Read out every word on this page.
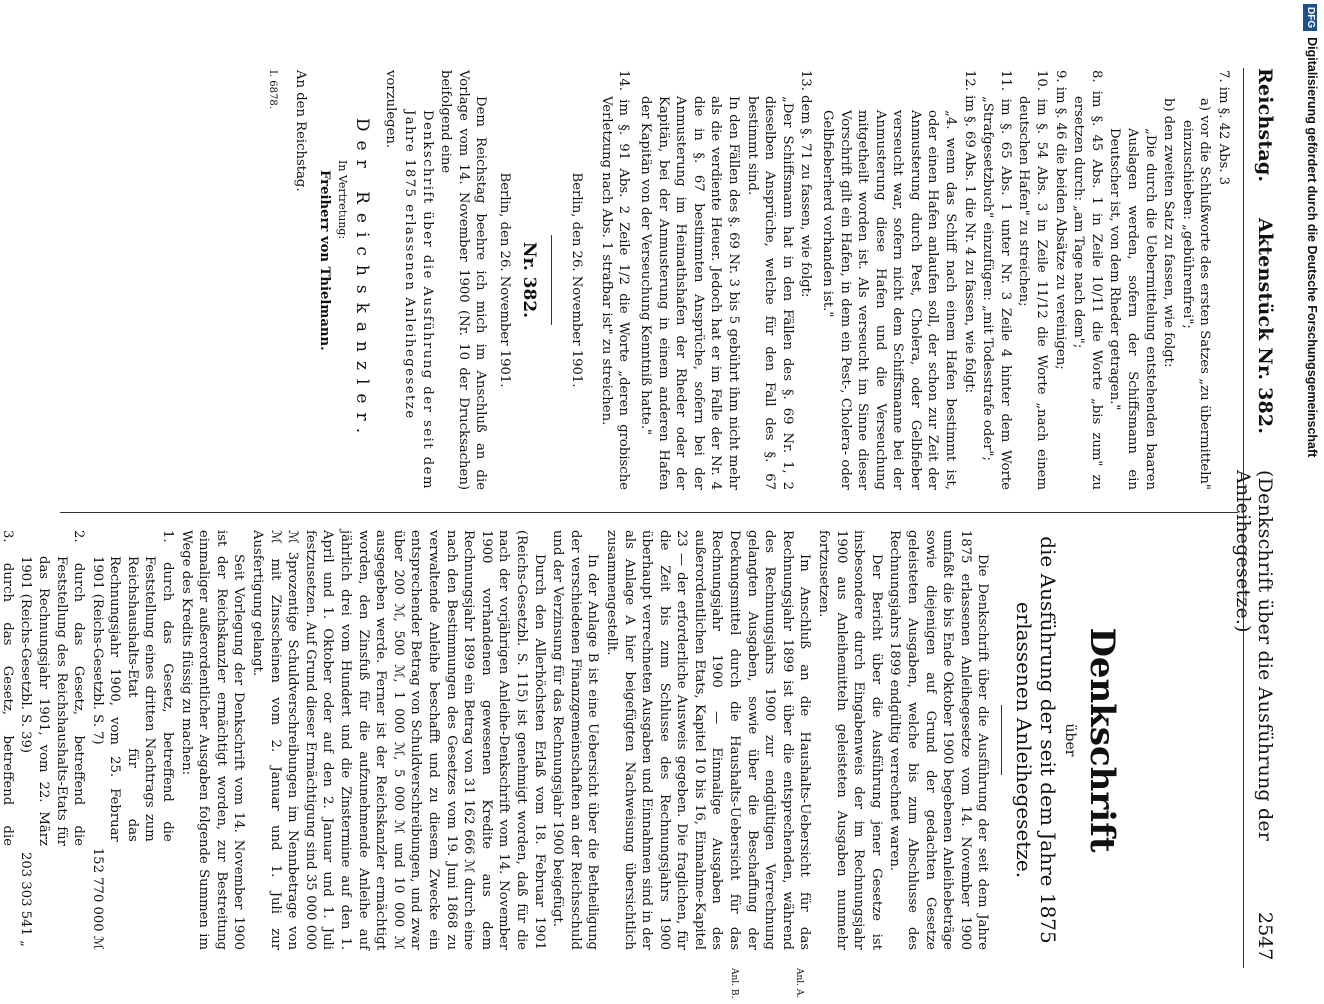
Reichstag.
Aktenstück Nr. 382.
(Denkschrift über die Ausführung der Anleihegesetze.)
2547

7. im §. 42 Abs. 3

a) vor die Schlußworte des ersten Satzes „zu übermitteln" einzuschieben: „gebührenfrei";

b) den zweiten Satz zu fassen, wie folgt:

„Die durch die Uebermittelung entstehenden baaren Auslagen werden, sofern der Schiffsmann ein Deutscher ist, von dem Rheder getragen."

8. im §. 45 Abs. 1 in Zeile 10/11 die Worte „bis zum" zu ersetzen durch: „am Tage nach dem";

9. im §. 46 die beiden Absätze zu vereinigen;

10. im §. 54 Abs. 3 in Zeile 11/12 die Worte „nach einem deutschen Hafen" zu streichen;

11. im §. 65 Abs. 1 unter Nr. 3 Zeile 4 hinter dem Worte „Strafgesetzbuch" einzufügen: „mit Todesstrafe oder";

12. im §. 69 Abs. 1 die Nr. 4 zu fassen, wie folgt:

„4. wenn das Schiff nach einem Hafen bestimmt ist, oder einen Hafen anlaufen soll, der schon zur Zeit der Anmusterung durch Pest, Cholera, oder Gelbfieber verseucht war, sofern nicht dem Schiffsmanne bei der Anmusterung diese Hafen und die Verseuchung mitgetheilt worden ist. Als verseucht im Sinne dieser Vorschrift gilt ein Hafen, in dem ein Pest-, Cholera- oder Gelbfieberherd vorhanden ist."

13. dem §. 71 zu fassen, wie folgt:

„Der Schiffsmann hat in den Fällen des §. 69 Nr. 1, 2 dieselben Ansprüche, welche für den Fall des §. 67 bestimmt sind.

In den Fällen des §. 69 Nr. 3 bis 5 gebührt ihm nicht mehr als die verdiente Heuer. Jedoch hat er im Falle der Nr. 4 die in §. 67 bestimmten Ansprüche, sofern bei der Anmusterung im Heimathshafen der Rheder oder der Kapitän, bei der Anmusterung in einem anderen Hafen der Kapitän von der Verseuchung Kenntniß hatte."

14. im §. 91 Abs. 2 Zeile 1/2 die Worte „deren grobische Verletzung nach Abs. 1 strafbar ist" zu streichen.

Berlin, den 26. November 1901.

Nr. 382.

Berlin, den 26. November 1901.

Dem Reichstag beehre ich mich im Anschluß an die Vorlage vom 14. November 1900 (Nr. 10 der Drucksachen) beifolgend eine

Denkschrift über die Ausführung der seit dem Jahre 1875 erlassenen Anleihegesetze

vorzulegen.

Der Reichskanzler.

In Vertretung:

Freiherr von Thielmann.

An den Reichstag.

I. 6878.

Denkschrift
über
die Ausführung der seit dem Jahre 1875
erlassenen Anleihegesetze.

Die Denkschrift über die Ausführung der seit dem Jahre 1875 erlassenen Anleihegesetze vom 14. November 1900 umfaßt die bis Ende Oktober 1900 begebenen Anleihebeträge sowie diejenigen auf Grund der gedachten Gesetze geleisteten Ausgaben, welche bis zum Abschlusse des Rechnungsjahrs 1899 endgültig verrechnet waren.

Der Bericht über die Ausführung jener Gesetze ist insbesondere durch Eingabenweis der im Rechnungsjahr 1900 aus Anleihemitteln geleisteten Ausgaben nunmehr fortzusetzen.

Im Anschluß an die Haushalts-Uebersicht für das Rechnungsjahr 1899 ist über die entsprechenden, während des Rechnungsjahrs 1900 zur endgültigen Verrechnung gelangten Ausgaben, sowie über die Beschaffung der Deckungsmittel durch die Haushalts-Uebersicht für das Rechnungsjahr 1900 — Einmalige Ausgaben des außerordentlichen Etats, Kapitel 10 bis 16, Einnahme-Kapitel 23 — der erforderliche Ausweis gegeben. Die fraglichen, für die Zeit bis zum Schlusse des Rechnungsjahrs 1900 überhaupt verrechneten Ausgaben und Einnahmen sind in der als Anlage A hier beigefügten Nachweisung übersichtlich zusammengestellt.

In der Anlage B ist eine Uebersicht über die Betheiligung der verschiedenen Finanzgemeinschaften an der Reichsschuld und der Verzinsung für das Rechnungsjahr 1900 beigefügt.

Durch den Allerhöchsten Erlaß vom 18. Februar 1901 (Reichs-Gesetzbl. S. 115) ist genehmigt worden, daß für die nach der vorjährigen Anleihe-Denkschrift vom 14. November 1900 vorhandenen gewesenen Kredite aus dem Rechnungsjahr 1899 ein Betrag von 31 162 666 ℳ durch eine nach den Bestimmungen des Gesetzes vom 19. Juni 1868 zu verwaltende Anleihe beschafft und zu diesem Zwecke ein entsprechender Betrag von Schuldverschreibungen, und zwar über 200 ℳ, 500 ℳ, 1 000 ℳ, 5 000 ℳ und 10 000 ℳ ausgegeben werde. Ferner ist der Reichskanzler ermächtigt worden, den Zinsfuß für die aufzunehmende Anleihe auf jährlich drei vom Hundert und die Zinstermine auf den 1. April und 1. Oktober oder auf den 2. Januar und 1. Juli festzusetzen. Auf Grund dieser Ermächtigung sind 35 000 000 ℳ 3prozentige Schuldverschreibungen im Nennbetrage von ℳ mit Zinsscheinen vom 2. Januar und 1. Juli zur Ausfertigung gelangt.

Seit Vorlegung der Denkschrift vom 14. November 1900 ist der Reichskanzler ermächtigt worden, zur Bestreitung einmaliger außerordentlicher Ausgaben folgende Summen im Wege des Kredits flüssig zu machen:

1. durch das Gesetz, betreffend die Feststellung eines dritten Nachtrags zum Reichshaushalts-Etat für das Rechnungsjahr 1900, vom 25. Februar 1901 (Reichs-Gesetzbl. S. 7)

152 770 000 ℳ

2. durch das Gesetz, betreffend die Feststellung des Reichshaushalts-Etats für das Rechnungsjahr 1901, vom 22. März 1901 (Reichs-Gesetzbl. S. 39)

203 303 541 „

3. durch das Gesetz, betreffend die

Anl. A.
Anl. B.
DFGDigitalisierung gefördert durch die Deutsche Forschungsgemeinschaft
